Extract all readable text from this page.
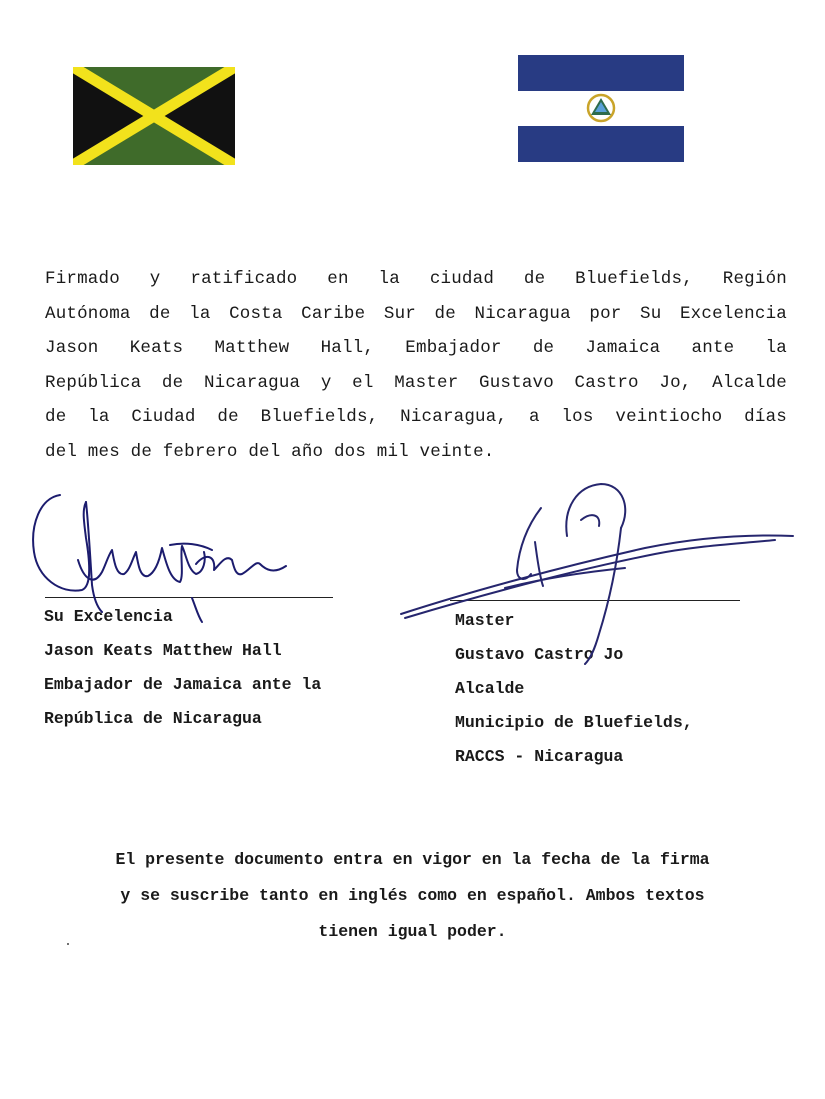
Firmado y ratificado en la ciudad de Bluefields, Región
Autónoma de la Costa Caribe Sur de Nicaragua por Su Excelencia
Jason Keats Matthew Hall, Embajador de Jamaica ante la
República de Nicaragua y el Master Gustavo Castro Jo, Alcalde
de la Ciudad de Bluefields, Nicaragua, a los veintiocho días
del mes de febrero del año dos mil veinte.
Su Excelencia
Jason Keats Matthew Hall
Embajador de Jamaica ante la
República de Nicaragua
Master
Gustavo Castro Jo
Alcalde
Municipio de Bluefields,
RACCS - Nicaragua
El presente documento entra en vigor en la fecha de la firma
y se suscribe tanto en inglés como en español. Ambos textos
tienen igual poder.
